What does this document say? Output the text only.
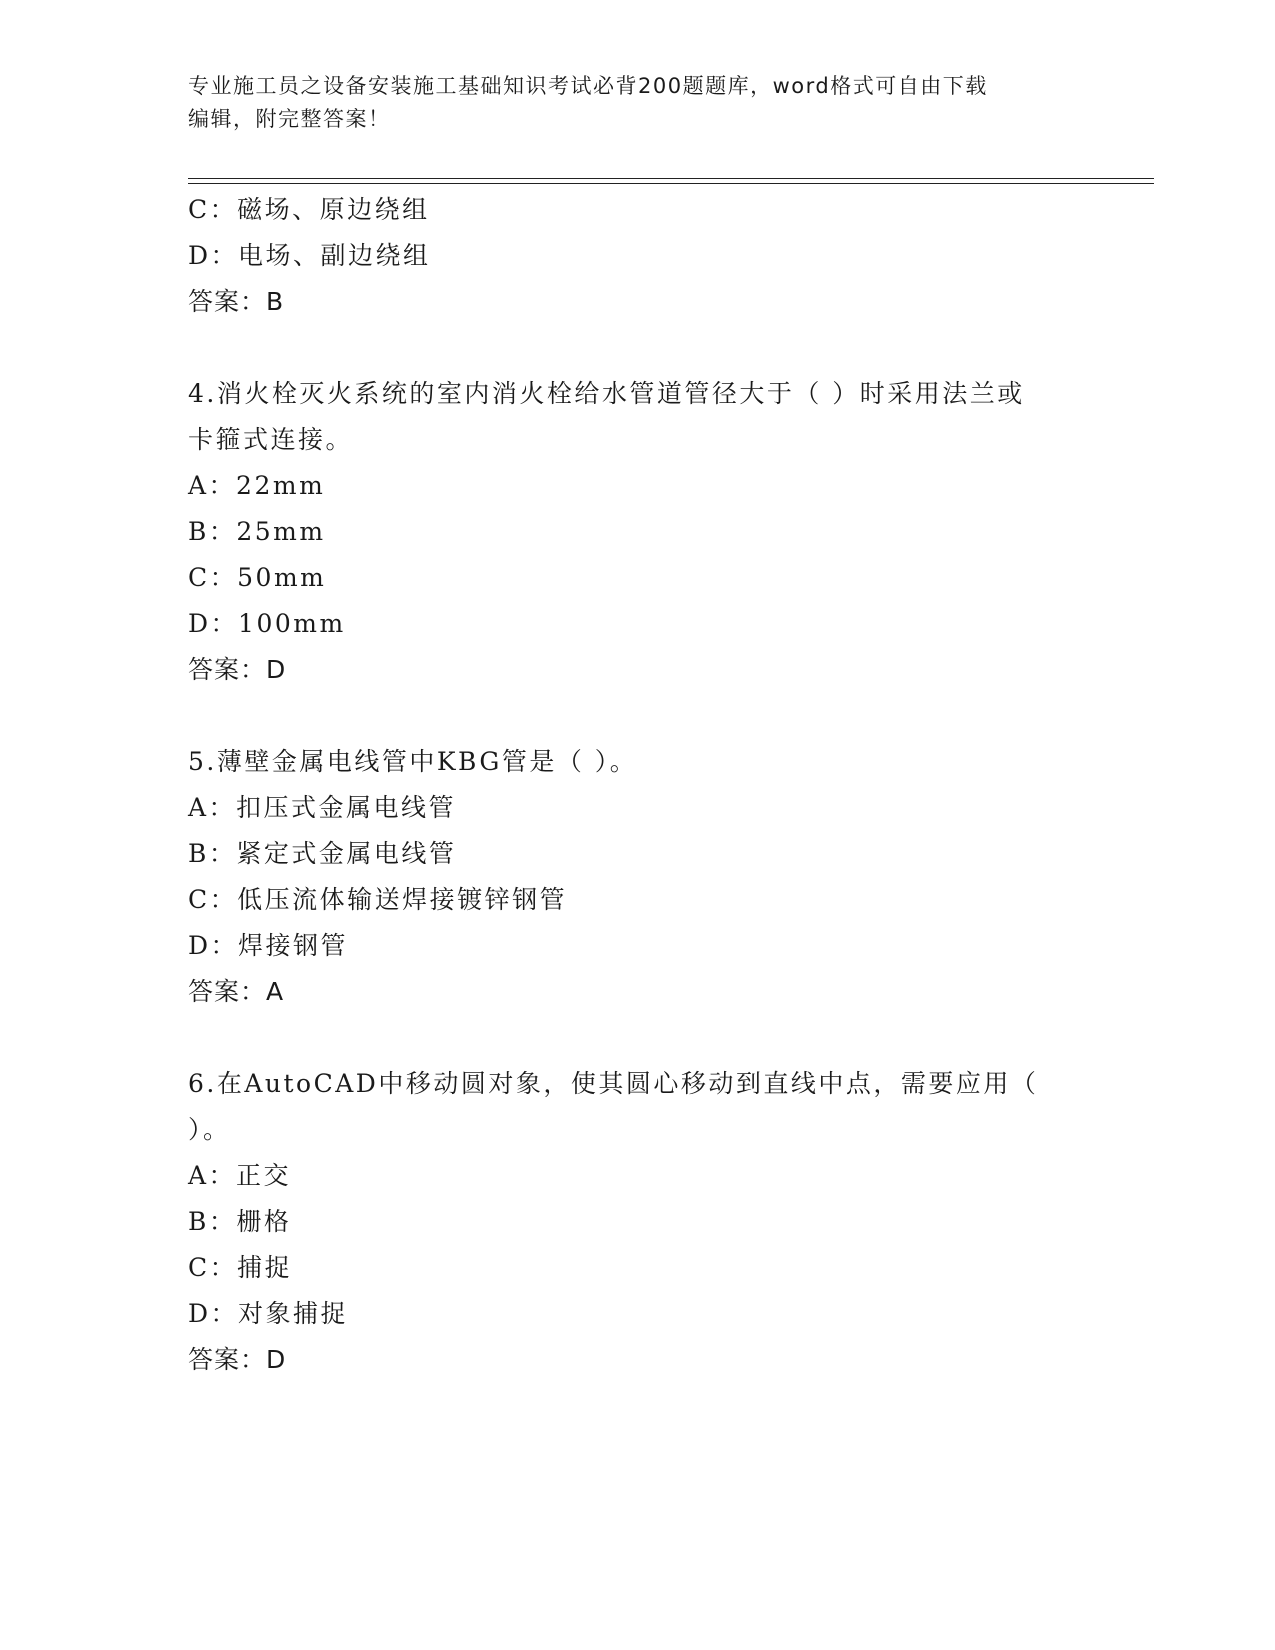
专业施工员之设备安装施工基础知识考试必背200题题库，word格式可自由下载
编辑，附完整答案！
C：磁场、原边绕组
D：电场、副边绕组
答案：B
4.消火栓灭火系统的室内消火栓给水管道管径大于（ ）时采用法兰或
卡箍式连接。
A：22mm
B：25mm
C：50mm
D：100mm
答案：D
5.薄壁金属电线管中KBG管是（ ）。
A：扣压式金属电线管
B：紧定式金属电线管
C：低压流体输送焊接镀锌钢管
D：焊接钢管
答案：A
6.在AutoCAD中移动圆对象，使其圆心移动到直线中点，需要应用（
）。
A：正交
B：栅格
C：捕捉
D：对象捕捉
答案：D
